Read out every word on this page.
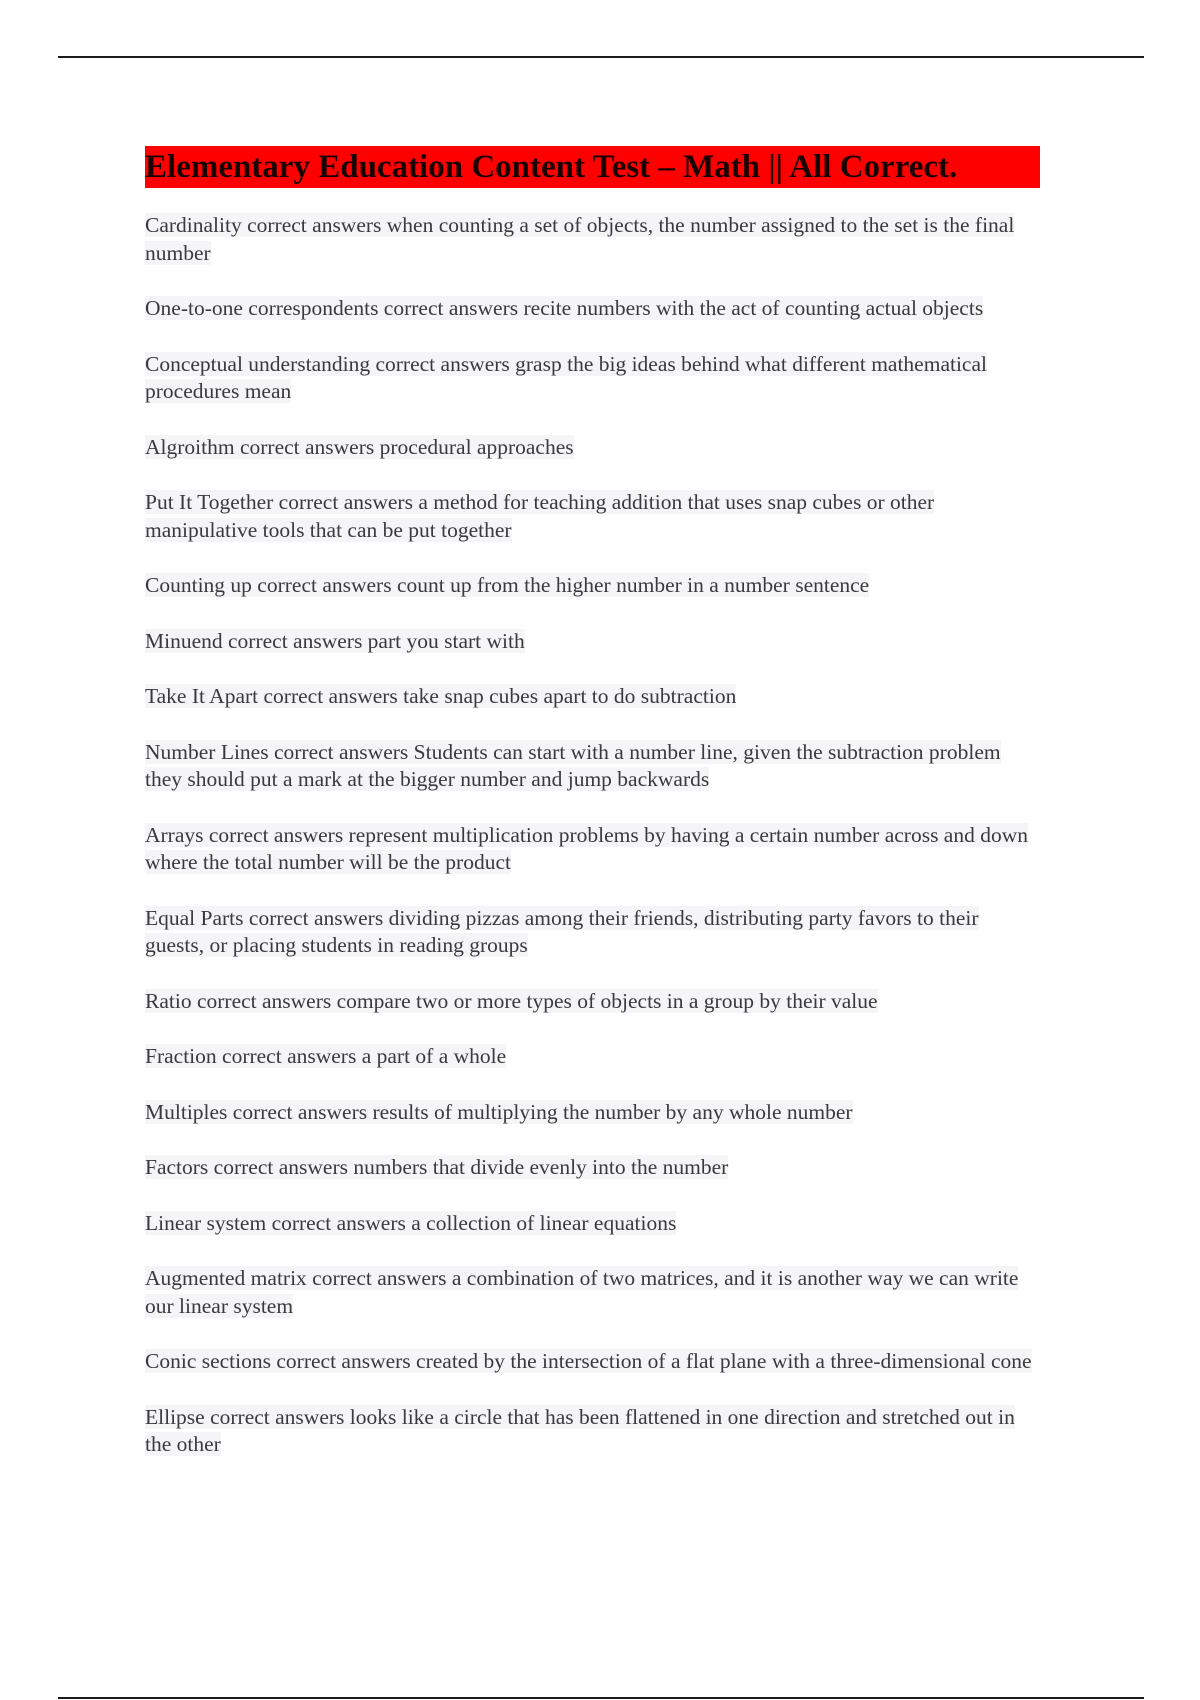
Elementary Education Content Test – Math || All Correct.

Cardinality correct answers when counting a set of objects, the number assigned to the set is the final number

One-to-one correspondents correct answers recite numbers with the act of counting actual objects

Conceptual understanding correct answers grasp the big ideas behind what different mathematical procedures mean

Algroithm correct answers procedural approaches

Put It Together correct answers a method for teaching addition that uses snap cubes or other manipulative tools that can be put together

Counting up correct answers count up from the higher number in a number sentence

Minuend correct answers part you start with

Take It Apart correct answers take snap cubes apart to do subtraction

Number Lines correct answers Students can start with a number line, given the subtraction problem they should put a mark at the bigger number and jump backwards

Arrays correct answers represent multiplication problems by having a certain number across and down where the total number will be the product

Equal Parts correct answers dividing pizzas among their friends, distributing party favors to their guests, or placing students in reading groups

Ratio correct answers compare two or more types of objects in a group by their value

Fraction correct answers a part of a whole

Multiples correct answers results of multiplying the number by any whole number

Factors correct answers numbers that divide evenly into the number

Linear system correct answers a collection of linear equations

Augmented matrix correct answers a combination of two matrices, and it is another way we can write our linear system

Conic sections correct answers created by the intersection of a flat plane with a three-dimensional cone

Ellipse correct answers looks like a circle that has been flattened in one direction and stretched out in the other
